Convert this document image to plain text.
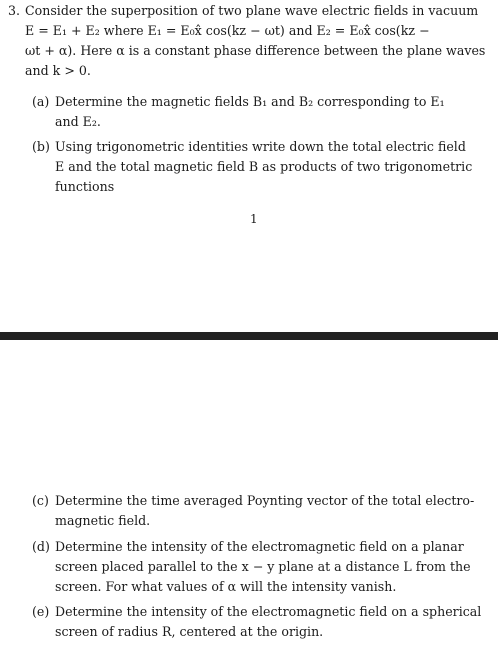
3. Consider the superposition of two plane wave electric fields in vacuum
E = E₁ + E₂ where E₁ = E₀x̂ cos(kz − ωt) and E₂ = E₀x̂ cos(kz −
ωt + α). Here α is a constant phase difference between the plane waves
and k > 0.
(a) Determine the magnetic fields B₁ and B₂ corresponding to E₁
and E₂.
(b) Using trigonometric identities write down the total electric field
E and the total magnetic field B as products of two trigonometric
functions
1
(c) Determine the time averaged Poynting vector of the total electro-
magnetic field.
(d) Determine the intensity of the electromagnetic field on a planar
screen placed parallel to the x − y plane at a distance L from the
screen. For what values of α will the intensity vanish.
(e) Determine the intensity of the electromagnetic field on a spherical
screen of radius R, centered at the origin.
